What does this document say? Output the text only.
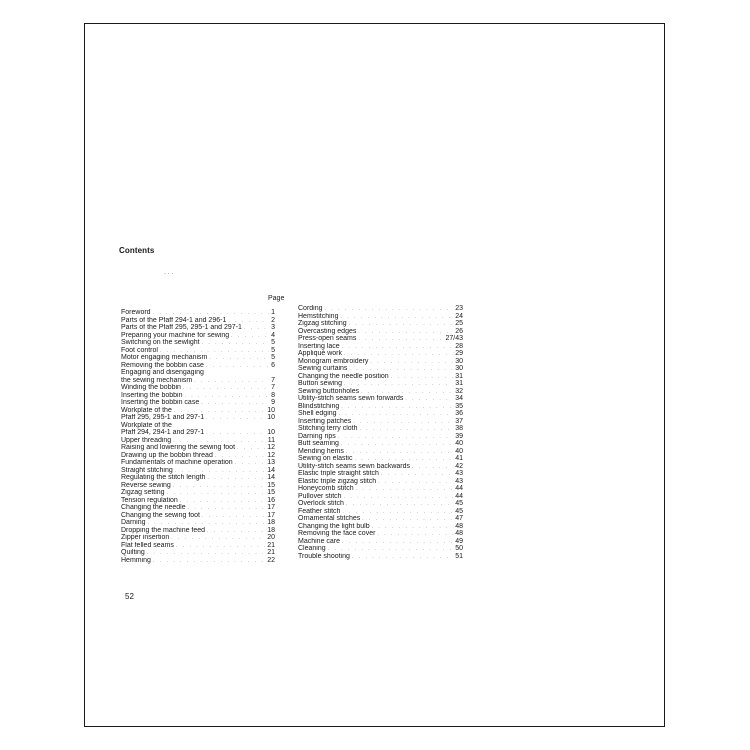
Contents
· · ·
Page
Foreword . . .	1
Parts of the Pfaff 294-1 and 296-1 . . .	2
Parts of the Pfaff 295, 295-1 and 297-1 . . .	3
Preparing your machine for sewing . . .	4
Switching on the sewlight . . .	5
Foot control . . .	5
Motor engaging mechanism . . .	5
Removing the bobbin case . . .	6
Engaging and disengaging
the sewing mechanism . . .	7
Winding the bobbin . . .	7
Inserting the bobbin . . .	8
Inserting the bobbin case . . .	9
Workplate of the . . .	10
Pfaff 295, 295-1 and 297-1 . . .	10
Workplate of the
Pfaff 294, 294-1 and 297-1 . . .	10
Upper threading . . .	11
Raising and lowering the sewing foot . . .	12
Drawing up the bobbin thread . . .	12
Fundamentals of machine operation . . .	13
Straight stitching . . .	14
Regulating the stitch length . . .	14
Reverse sewing . . .	15
Zigzag setting . . .	15
Tension regulation . . .	16
Changing the needle . . .	17
Changing the sewing foot . . .	17
Darning . . .	18
Dropping the machine feed . . .	18
Zipper insertion . . .	20
Flat felled seams . . .	21
Quilting . . .	21
Hemming . . .	22
Cording . . .	23
Hemstitching . . .	24
Zigzag stitching . . .	25
Overcasting edges . . .	26
Press-open seams . . .	27/43
Inserting lace . . .	28
Appliqué work . . .	29
Monogram embroidery . . .	30
Sewing curtains . . .	30
Changing the needle position . . .	31
Button sewing . . .	31
Sewing buttonholes . . .	32
Utility-stitch seams sewn forwards . . .	34
Blindstitching . . .	35
Shell edging . . .	36
Inserting patches . . .	37
Stitching terry cloth . . .	38
Darning rips . . .	39
Butt seaming . . .	40
Mending hems . . .	40
Sewing on elastic . . .	41
Utility-stitch seams sewn backwards . . .	42
Elastic triple straight stitch . . .	43
Elastic triple zigzag stitch . . .	43
Honeycomb stitch . . .	44
Pullover stitch . . .	44
Overlock stitch . . .	45
Feather stitch . . .	45
Ornamental stitches . . .	47
Changing the light bulb . . .	48
Removing the face cover . . .	48
Machine care . . .	49
Cleaning . . .	50
Trouble shooting . . .	51
52
